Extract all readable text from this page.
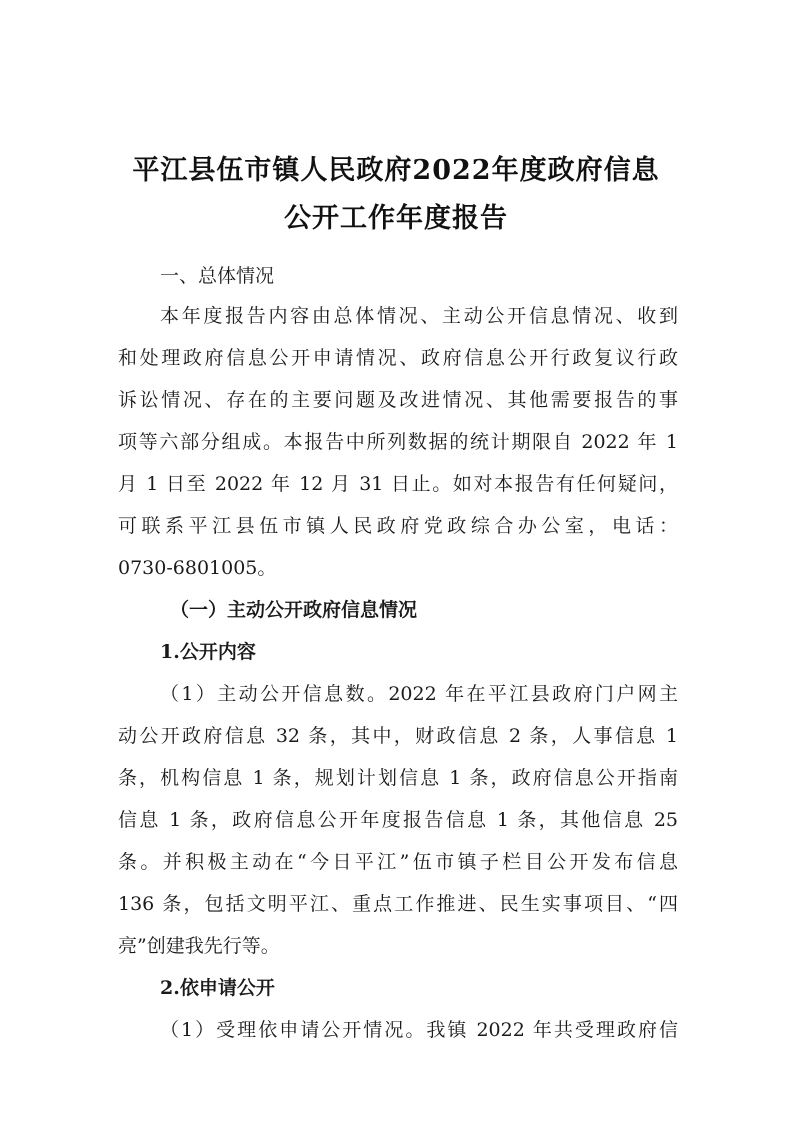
平江县伍市镇人民政府2022年度政府信息
公开工作年度报告
一、总体情况
本年度报告内容由总体情况、主动公开信息情况、收到
和处理政府信息公开申请情况、政府信息公开行政复议行政
诉讼情况、存在的主要问题及改进情况、其他需要报告的事
项等六部分组成。本报告中所列数据的统计期限自 2022 年 1
月 1 日至 2022 年 12 月 31 日止。如对本报告有任何疑问，
可联系平江县伍市镇人民政府党政综合办公室，电话：
0730-6801005。
（一）主动公开政府信息情况
1.公开内容
（1）主动公开信息数。2022 年在平江县政府门户网主
动公开政府信息 32 条，其中，财政信息 2 条，人事信息 1
条，机构信息 1 条，规划计划信息 1 条，政府信息公开指南
信息 1 条，政府信息公开年度报告信息 1 条，其他信息 25
条。并积极主动在“今日平江”伍市镇子栏目公开发布信息
136 条，包括文明平江、重点工作推进、民生实事项目、“四
亮”创建我先行等。
2.依申请公开
（1）受理依申请公开情况。我镇 2022 年共受理政府信
